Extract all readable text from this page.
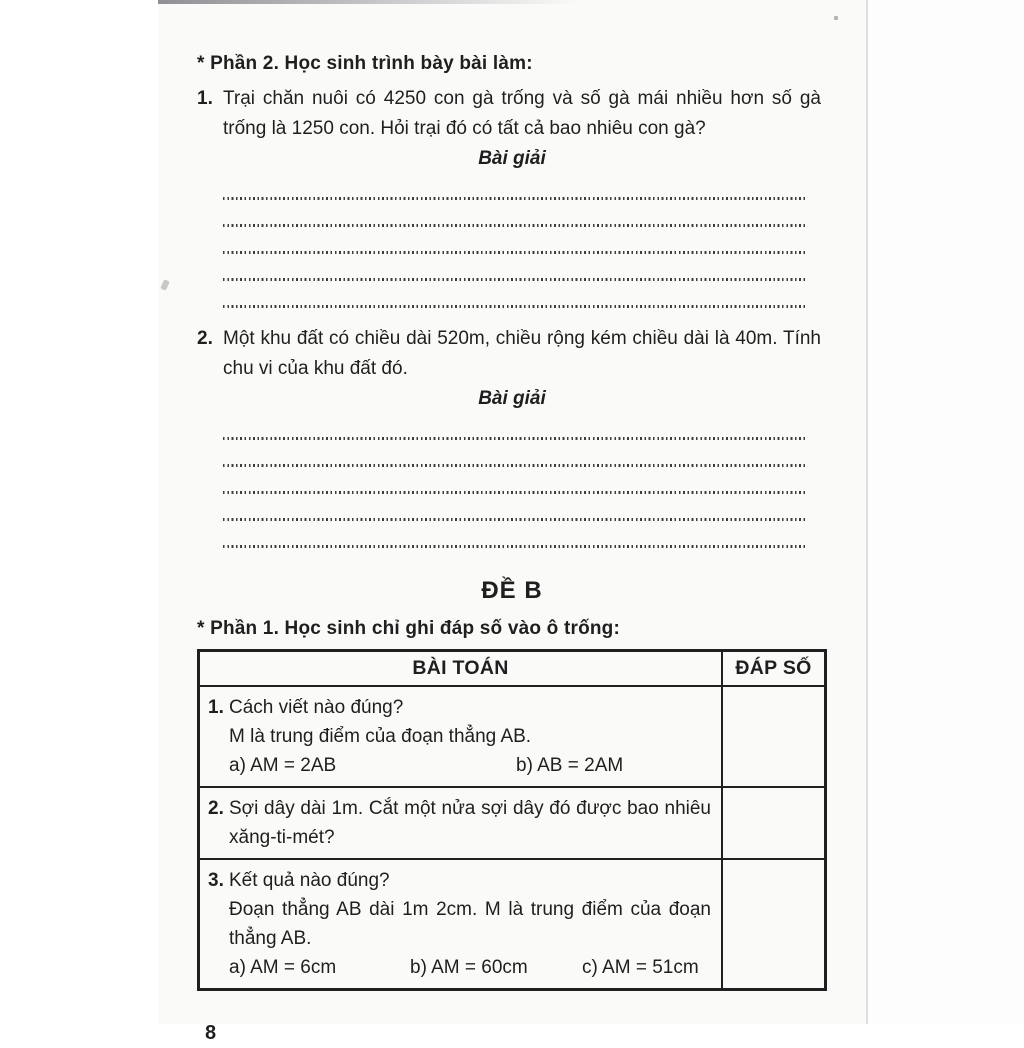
* Phần 2. Học sinh trình bày bài làm:
1. Trại chăn nuôi có 4250 con gà trống và số gà mái nhiều hơn số gà trống là 1250 con. Hỏi trại đó có tất cả bao nhiêu con gà?
Bài giải
2. Một khu đất có chiều dài 520m, chiều rộng kém chiều dài là 40m. Tính chu vi của khu đất đó.
Bài giải
ĐỀ B
* Phần 1. Học sinh chỉ ghi đáp số vào ô trống:
BÀI TOÁN	ĐÁP SỐ

1. Cách viết nào đúng?
M là trung điểm của đoạn thẳng AB.
a) AM = 2AB b) AB = 2AM	

2. Sợi dây dài 1m. Cắt một nửa sợi dây đó được bao nhiêu xăng-ti-mét?	

3. Kết quả nào đúng?
Đoạn thẳng AB dài 1m 2cm. M là trung điểm của đoạn thẳng AB.
a) AM = 6cm	b) AM = 60cm	c) AM = 51cm

8
